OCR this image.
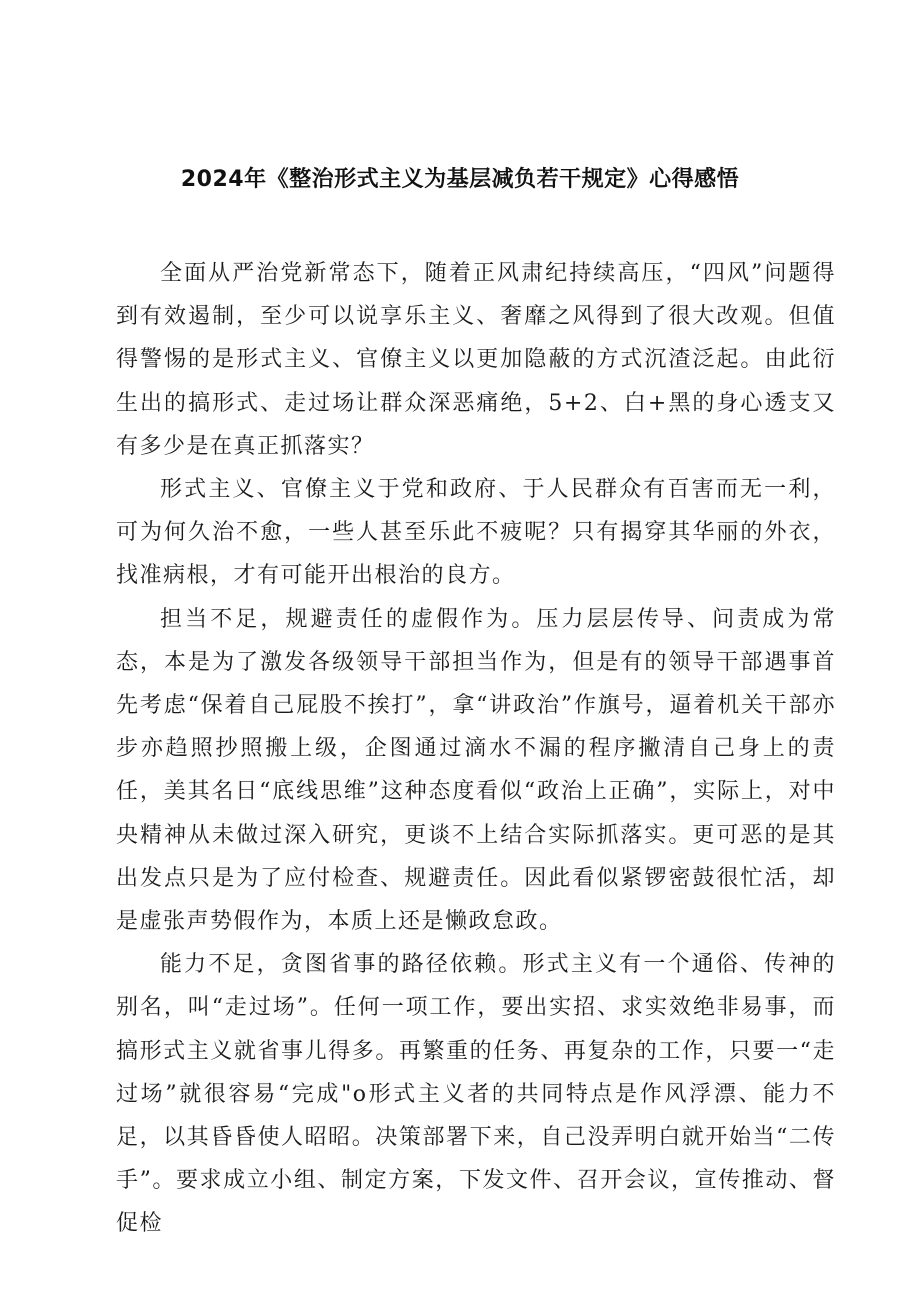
2024年《整治形式主义为基层减负若干规定》心得感悟

全面从严治党新常态下，随着正风肃纪持续高压，“四风”问题得到有效遏制，至少可以说享乐主义、奢靡之风得到了很大改观。但值得警惕的是形式主义、官僚主义以更加隐蔽的方式沉渣泛起。由此衍生出的搞形式、走过场让群众深恶痛绝，5+2、白+黑的身心透支又有多少是在真正抓落实？

形式主义、官僚主义于党和政府、于人民群众有百害而无一利，可为何久治不愈，一些人甚至乐此不疲呢？只有揭穿其华丽的外衣，找准病根，才有可能开出根治的良方。

担当不足，规避责任的虚假作为。压力层层传导、问责成为常态，本是为了激发各级领导干部担当作为，但是有的领导干部遇事首先考虑“保着自己屁股不挨打”，拿“讲政治”作旗号，逼着机关干部亦步亦趋照抄照搬上级，企图通过滴水不漏的程序撇清自己身上的责任，美其名日“底线思维”这种态度看似“政治上正确”，实际上，对中央精神从未做过深入研究，更谈不上结合实际抓落实。更可恶的是其出发点只是为了应付检查、规避责任。因此看似紧锣密鼓很忙活，却是虚张声势假作为，本质上还是懒政怠政。

能力不足，贪图省事的路径依赖。形式主义有一个通俗、传神的别名，叫“走过场”。任何一项工作，要出实招、求实效绝非易事，而搞形式主义就省事儿得多。再繁重的任务、再复杂的工作，只要一“走过场”就很容易“完成"o形式主义者的共同特点是作风浮漂、能力不足，以其昏昏使人昭昭。决策部署下来，自己没弄明白就开始当“二传手”。要求成立小组、制定方案，下发文件、召开会议，宣传推动、督促检
